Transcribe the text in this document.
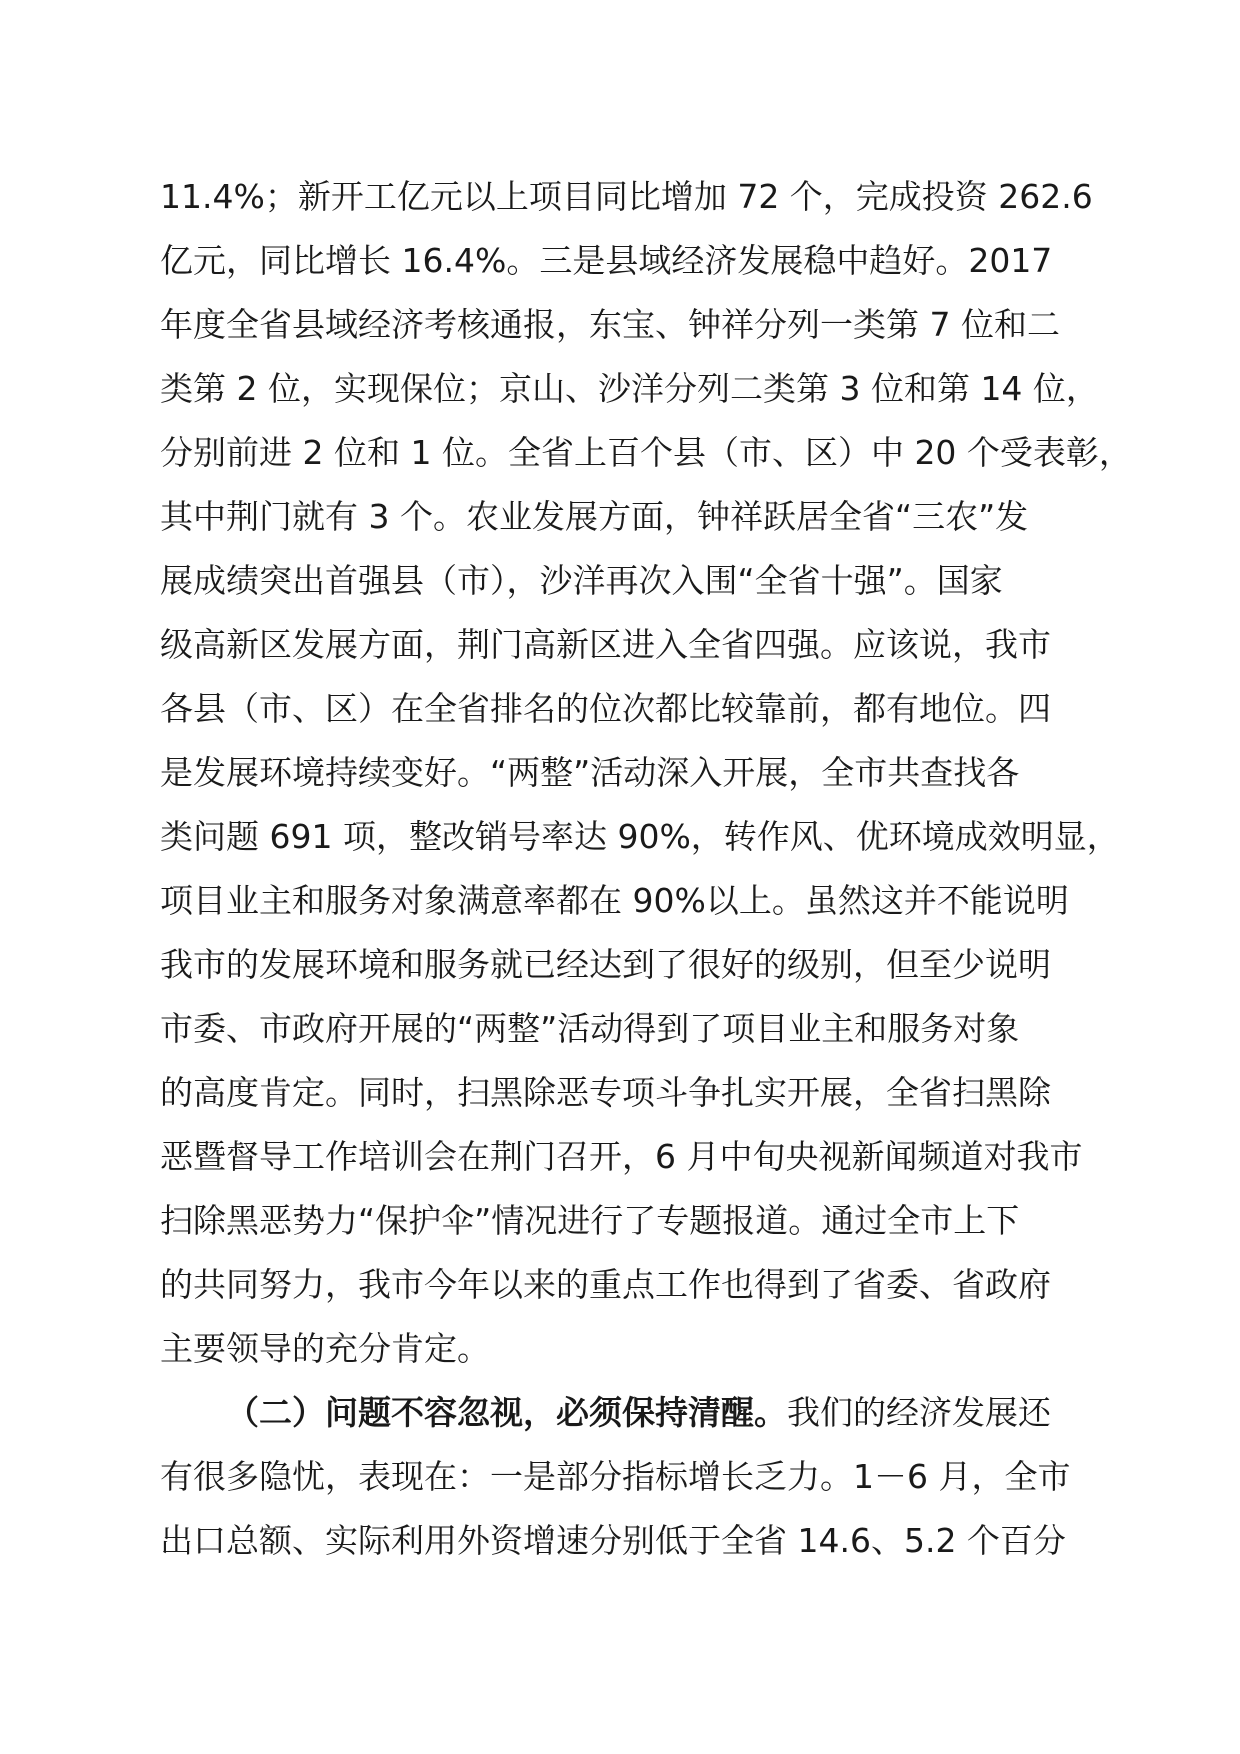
11.4%；新开工亿元以上项目同比增加 72 个，完成投资 262.6
亿元，同比增长 16.4%。三是县域经济发展稳中趋好。2017
年度全省县域经济考核通报，东宝、钟祥分列一类第 7 位和二
类第 2 位，实现保位；京山、沙洋分列二类第 3 位和第 14 位，
分别前进 2 位和 1 位。全省上百个县（市、区）中 20 个受表彰，
其中荆门就有 3 个。农业发展方面，钟祥跃居全省“三农”发
展成绩突出首强县（市），沙洋再次入围“全省十强”。国家
级高新区发展方面，荆门高新区进入全省四强。应该说，我市
各县（市、区）在全省排名的位次都比较靠前，都有地位。四
是发展环境持续变好。“两整”活动深入开展，全市共查找各
类问题 691 项，整改销号率达 90%，转作风、优环境成效明显，
项目业主和服务对象满意率都在 90%以上。虽然这并不能说明
我市的发展环境和服务就已经达到了很好的级别，但至少说明
市委、市政府开展的“两整”活动得到了项目业主和服务对象
的高度肯定。同时，扫黑除恶专项斗争扎实开展，全省扫黑除
恶暨督导工作培训会在荆门召开，6 月中旬央视新闻频道对我市
扫除黑恶势力“保护伞”情况进行了专题报道。通过全市上下
的共同努力，我市今年以来的重点工作也得到了省委、省政府
主要领导的充分肯定。
（二）问题不容忽视，必须保持清醒。我们的经济发展还
有很多隐忧，表现在：一是部分指标增长乏力。1－6 月，全市
出口总额、实际利用外资增速分别低于全省 14.6、5.2 个百分
